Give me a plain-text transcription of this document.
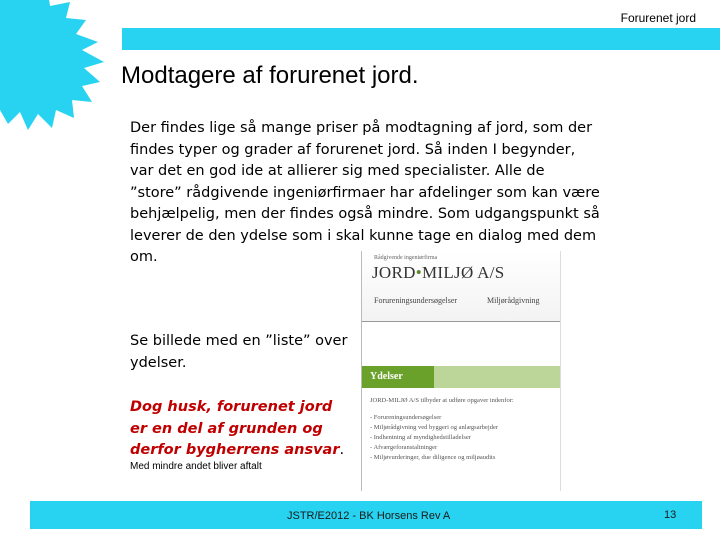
Forurenet jord
Modtagere af forurenet jord.
Der findes lige så mange priser på modtagning af jord, som der findes typer og grader af forurenet jord. Så inden I begynder, var det en god ide at allierer sig med specialister. Alle de ”store” rådgivende ingeniørfirmaer har afdelinger som kan være behjælpelig, men der findes også mindre. Som udgangspunkt så leverer de den ydelse som i skal kunne tage en dialog med dem om.	Rådgivende ingeniørfirma
JORD•MILJØ A/S
Forureningsundersøgelser	Miljørådgivning
Ydelser
JORD-MILJØ A/S tilbyder at udføre opgaver indenfor:
- Forureningsundersøgelser
- Miljørådgivning ved byggeri og anlægsarbejder
- Indhentning af myndighedstilladelser
- Afværgeforanstaltninger
- Miljøvurderinger, due diligence og miljøaudits
Se billede med en ”liste” over ydelser.
Dog husk, forurenet jord er en del af grunden og derfor bygherrens ansvar.
Med mindre andet bliver aftalt
JSTR/E2012 - BK Horsens Rev A	13
